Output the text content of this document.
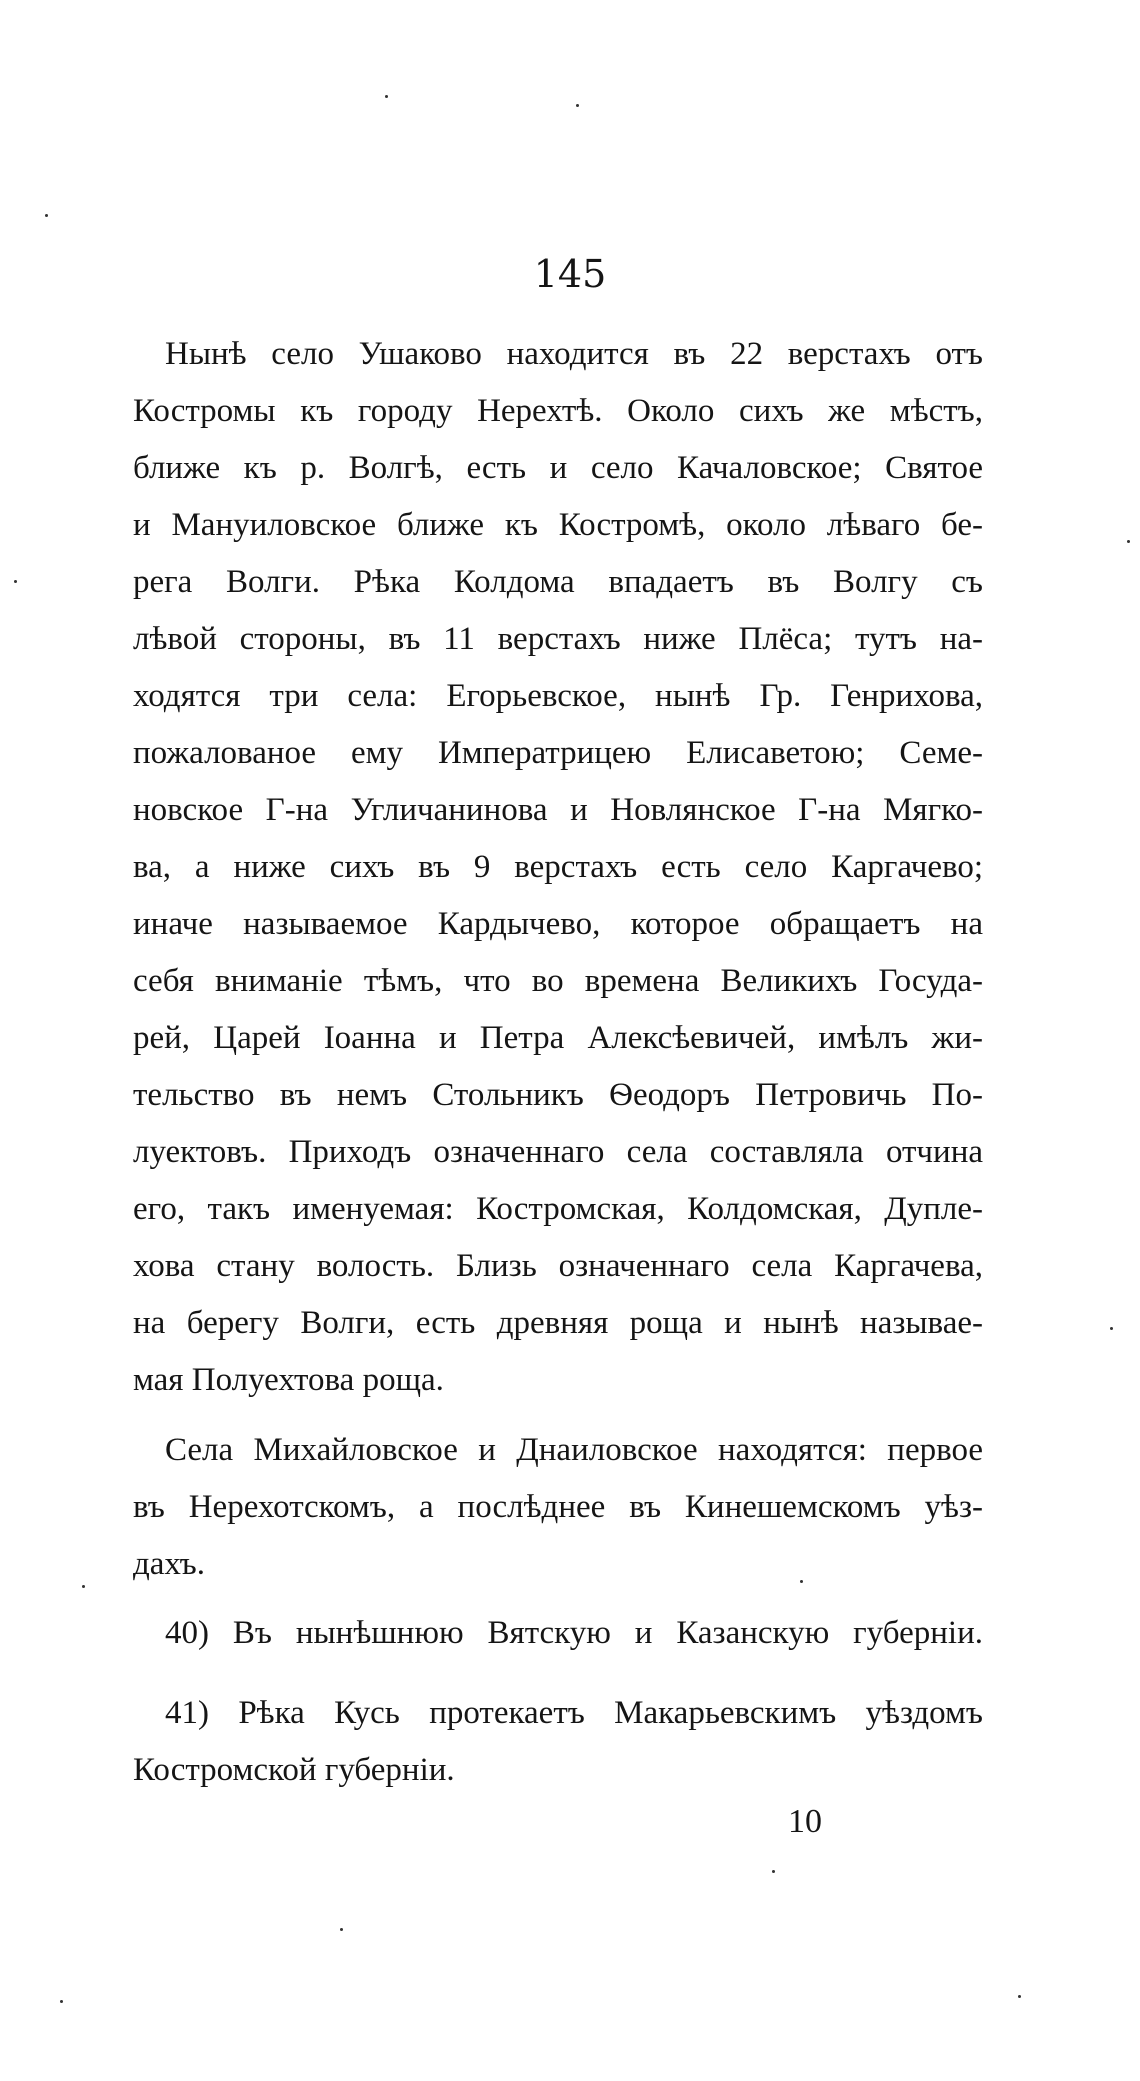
145

Нынѣ село Ушаково находится въ 22 верстахъ отъ
Костромы къ городу Нерехтѣ. Около сихъ же мѣстъ,
ближе къ р. Волгѣ, есть и село Качаловское; Святое
и Мануиловское ближе къ Костромѣ, около лѣваго бе-
рега Волги. Рѣка Колдома впадаетъ въ Волгу съ
лѣвой стороны, въ 11 верстахъ ниже Плёса; тутъ на-
ходятся три села: Егорьевское, нынѣ Гр. Генрихова,
пожалованое ему Императрицею Елисаветою; Семе-
новское Г-на Угличанинова и Новлянское Г-на Мягко-
ва, а ниже сихъ въ 9 верстахъ есть село Каргачево;
иначе называемое Кардычево, которое обращаетъ на
себя вниманіе тѣмъ, что во времена Великихъ Госуда-
рей, Царей Іоанна и Петра Алексѣевичей, имѣлъ жи-
тельство въ немъ Стольникъ Ѳеодоръ Петровичь По-
луектовъ. Приходъ означеннаго села составляла отчина
его, такъ именуемая: Костромская, Колдомская, Дупле-
хова стану волость. Близь означеннаго села Каргачева,
на берегу Волги, есть древняя роща и нынѣ называе-
мая Полуехтова роща.
Села Михайловское и Днаиловское находятся: первое
въ Нерехотскомъ, а послѣднее въ Кинешемскомъ уѣз-
дахъ.
40) Въ нынѣшнюю Вятскую и Казанскую губерніи.
41) Рѣка Кусь протекаетъ Макарьевскимъ уѣздомъ
Костромской губерніи.
10
